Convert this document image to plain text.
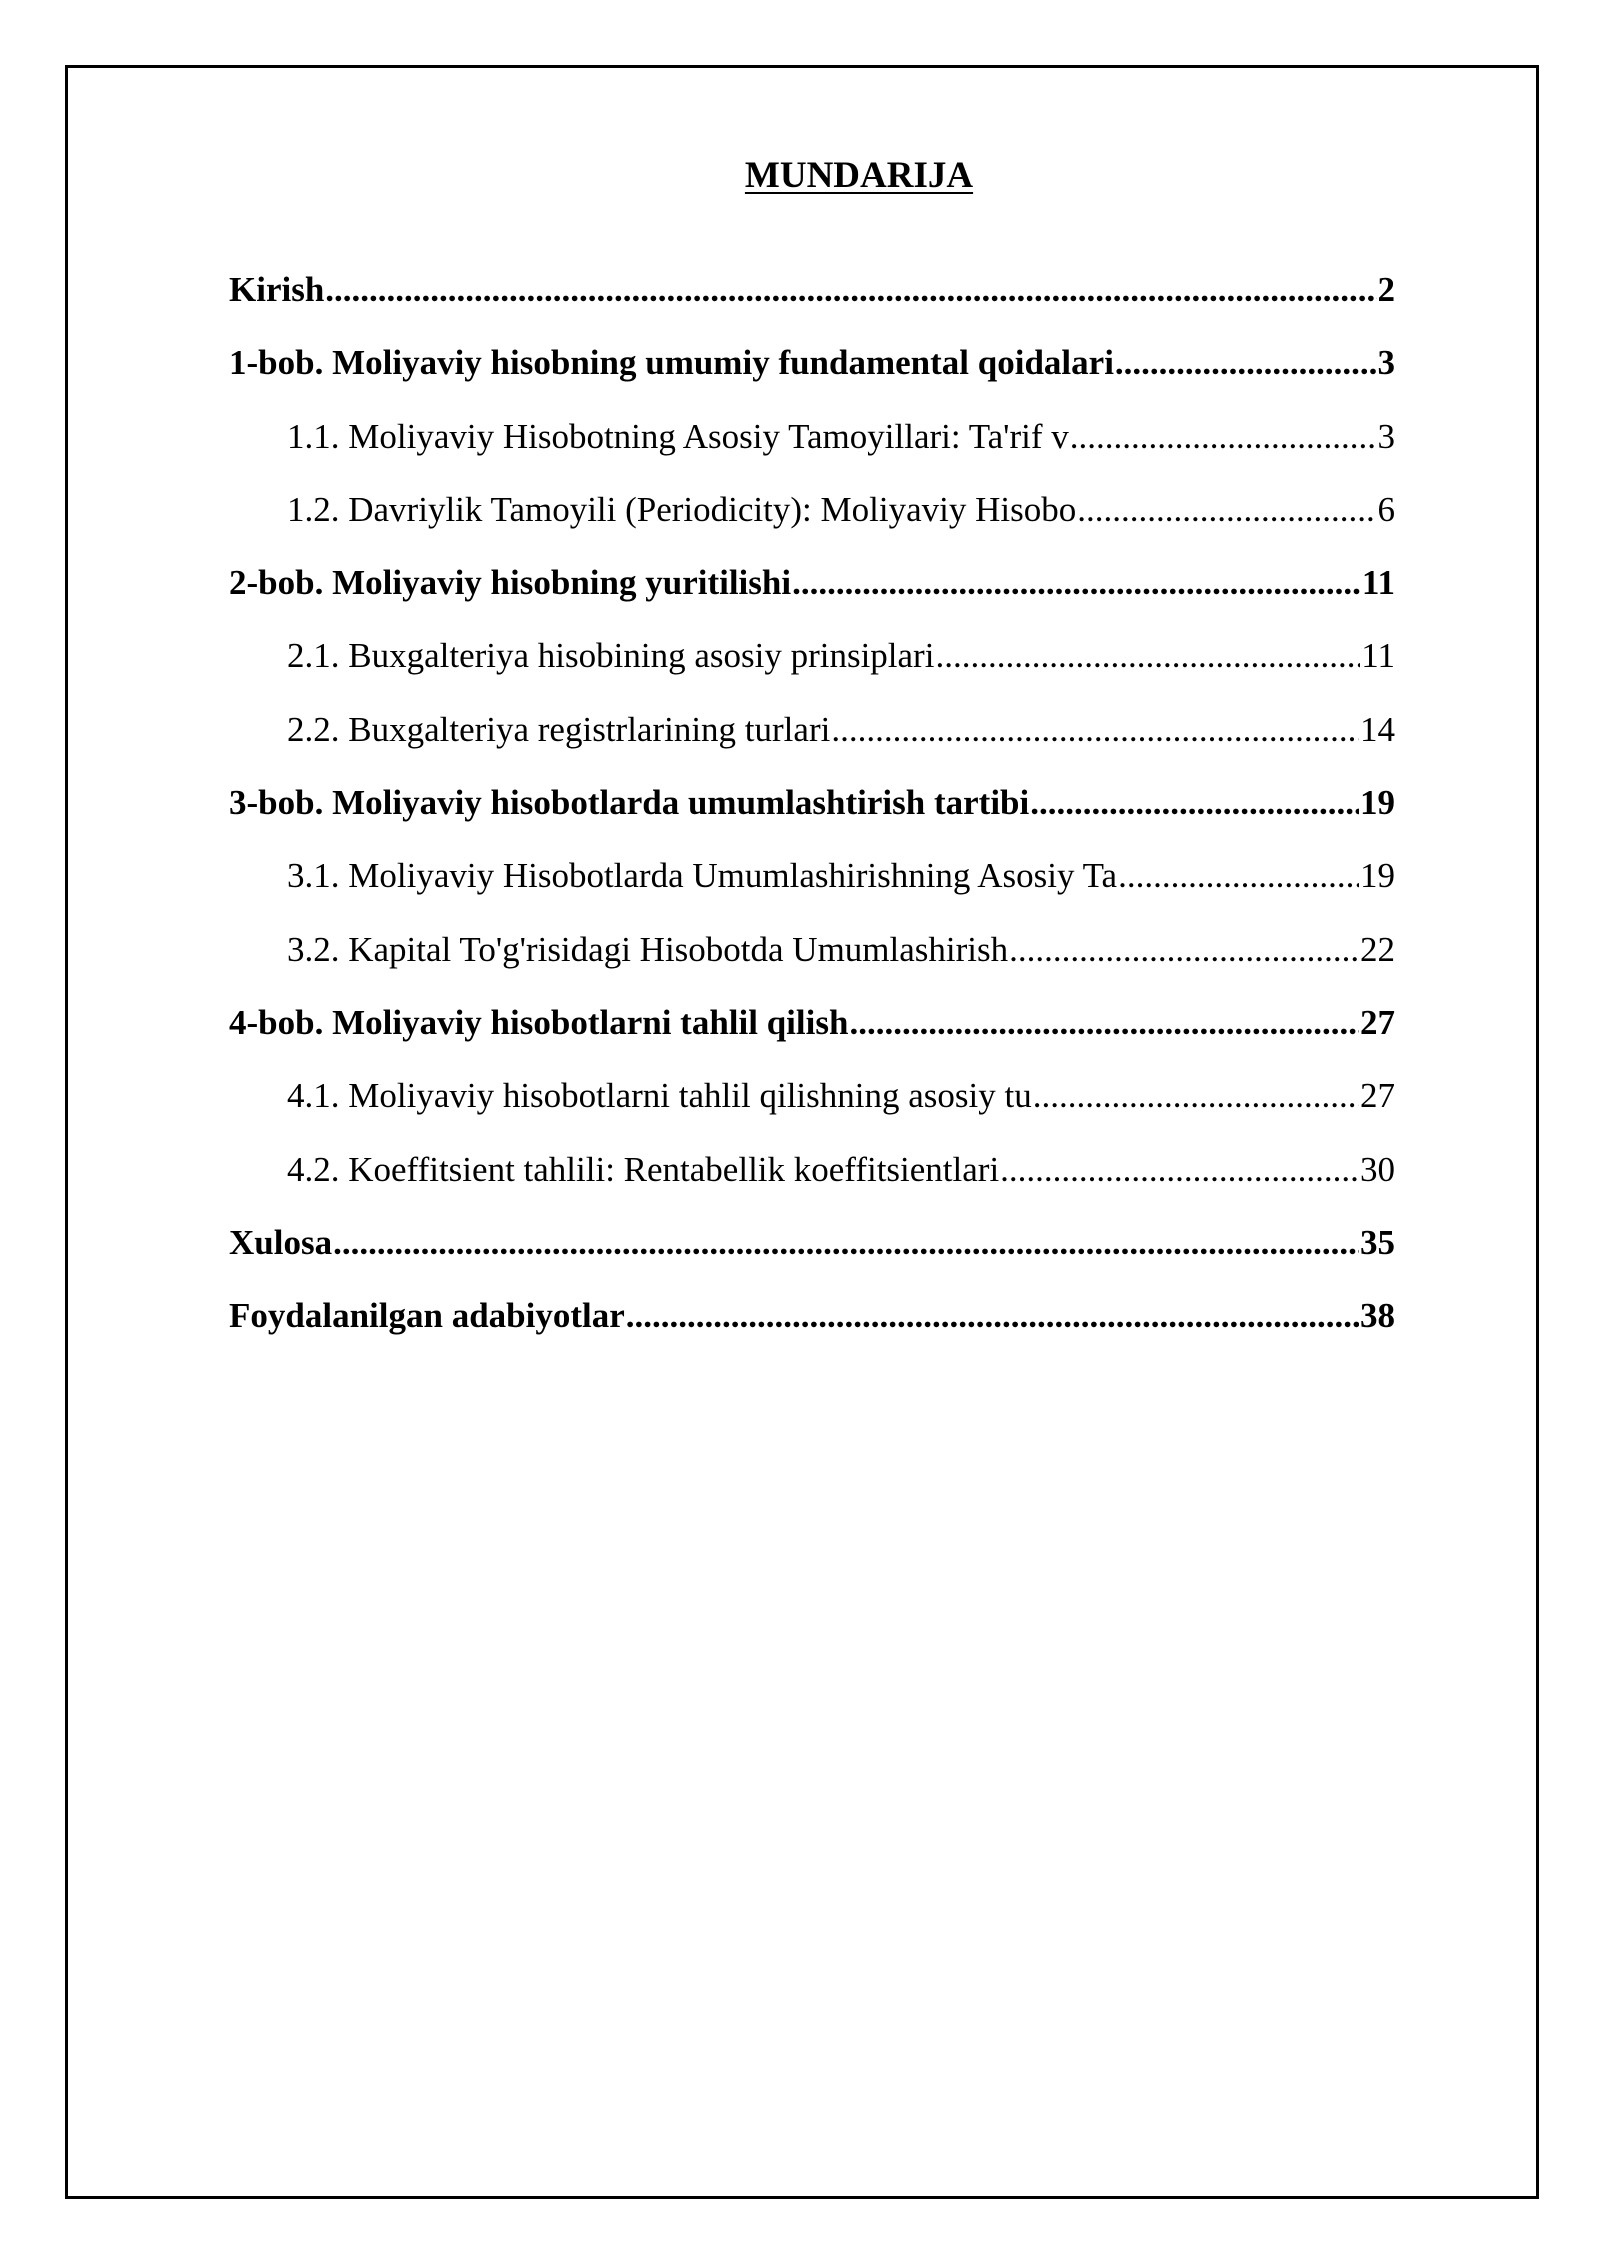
MUNDARIJA
Kirish .....	2
1-bob. Moliyaviy hisobning umumiy fundamental qoidalari .....	3
1.1. Moliyaviy Hisobotning Asosiy Tamoyillari: Ta'rif v .....	3
1.2. Davriylik Tamoyili (Periodicity): Moliyaviy Hisobo .....	6
2-bob. Moliyaviy hisobning yuritilishi .....	11
2.1. Buxgalteriya hisobining asosiy prinsiplari .....	11
2.2. Buxgalteriya registrlarining turlari .....	14
3-bob. Moliyaviy hisobotlarda umumlashtirish tartibi .....	19
3.1. Moliyaviy Hisobotlarda Umumlashirishning Asosiy Ta .....	19
3.2. Kapital To'g'risidagi Hisobotda Umumlashirish .....	22
4-bob. Moliyaviy hisobotlarni tahlil qilish .....	27
4.1. Moliyaviy hisobotlarni tahlil qilishning asosiy tu .....	27
4.2. Koeffitsient tahlili: Rentabellik koeffitsientlari .....	30
Xulosa .....	35
Foydalanilgan adabiyotlar .....	38
